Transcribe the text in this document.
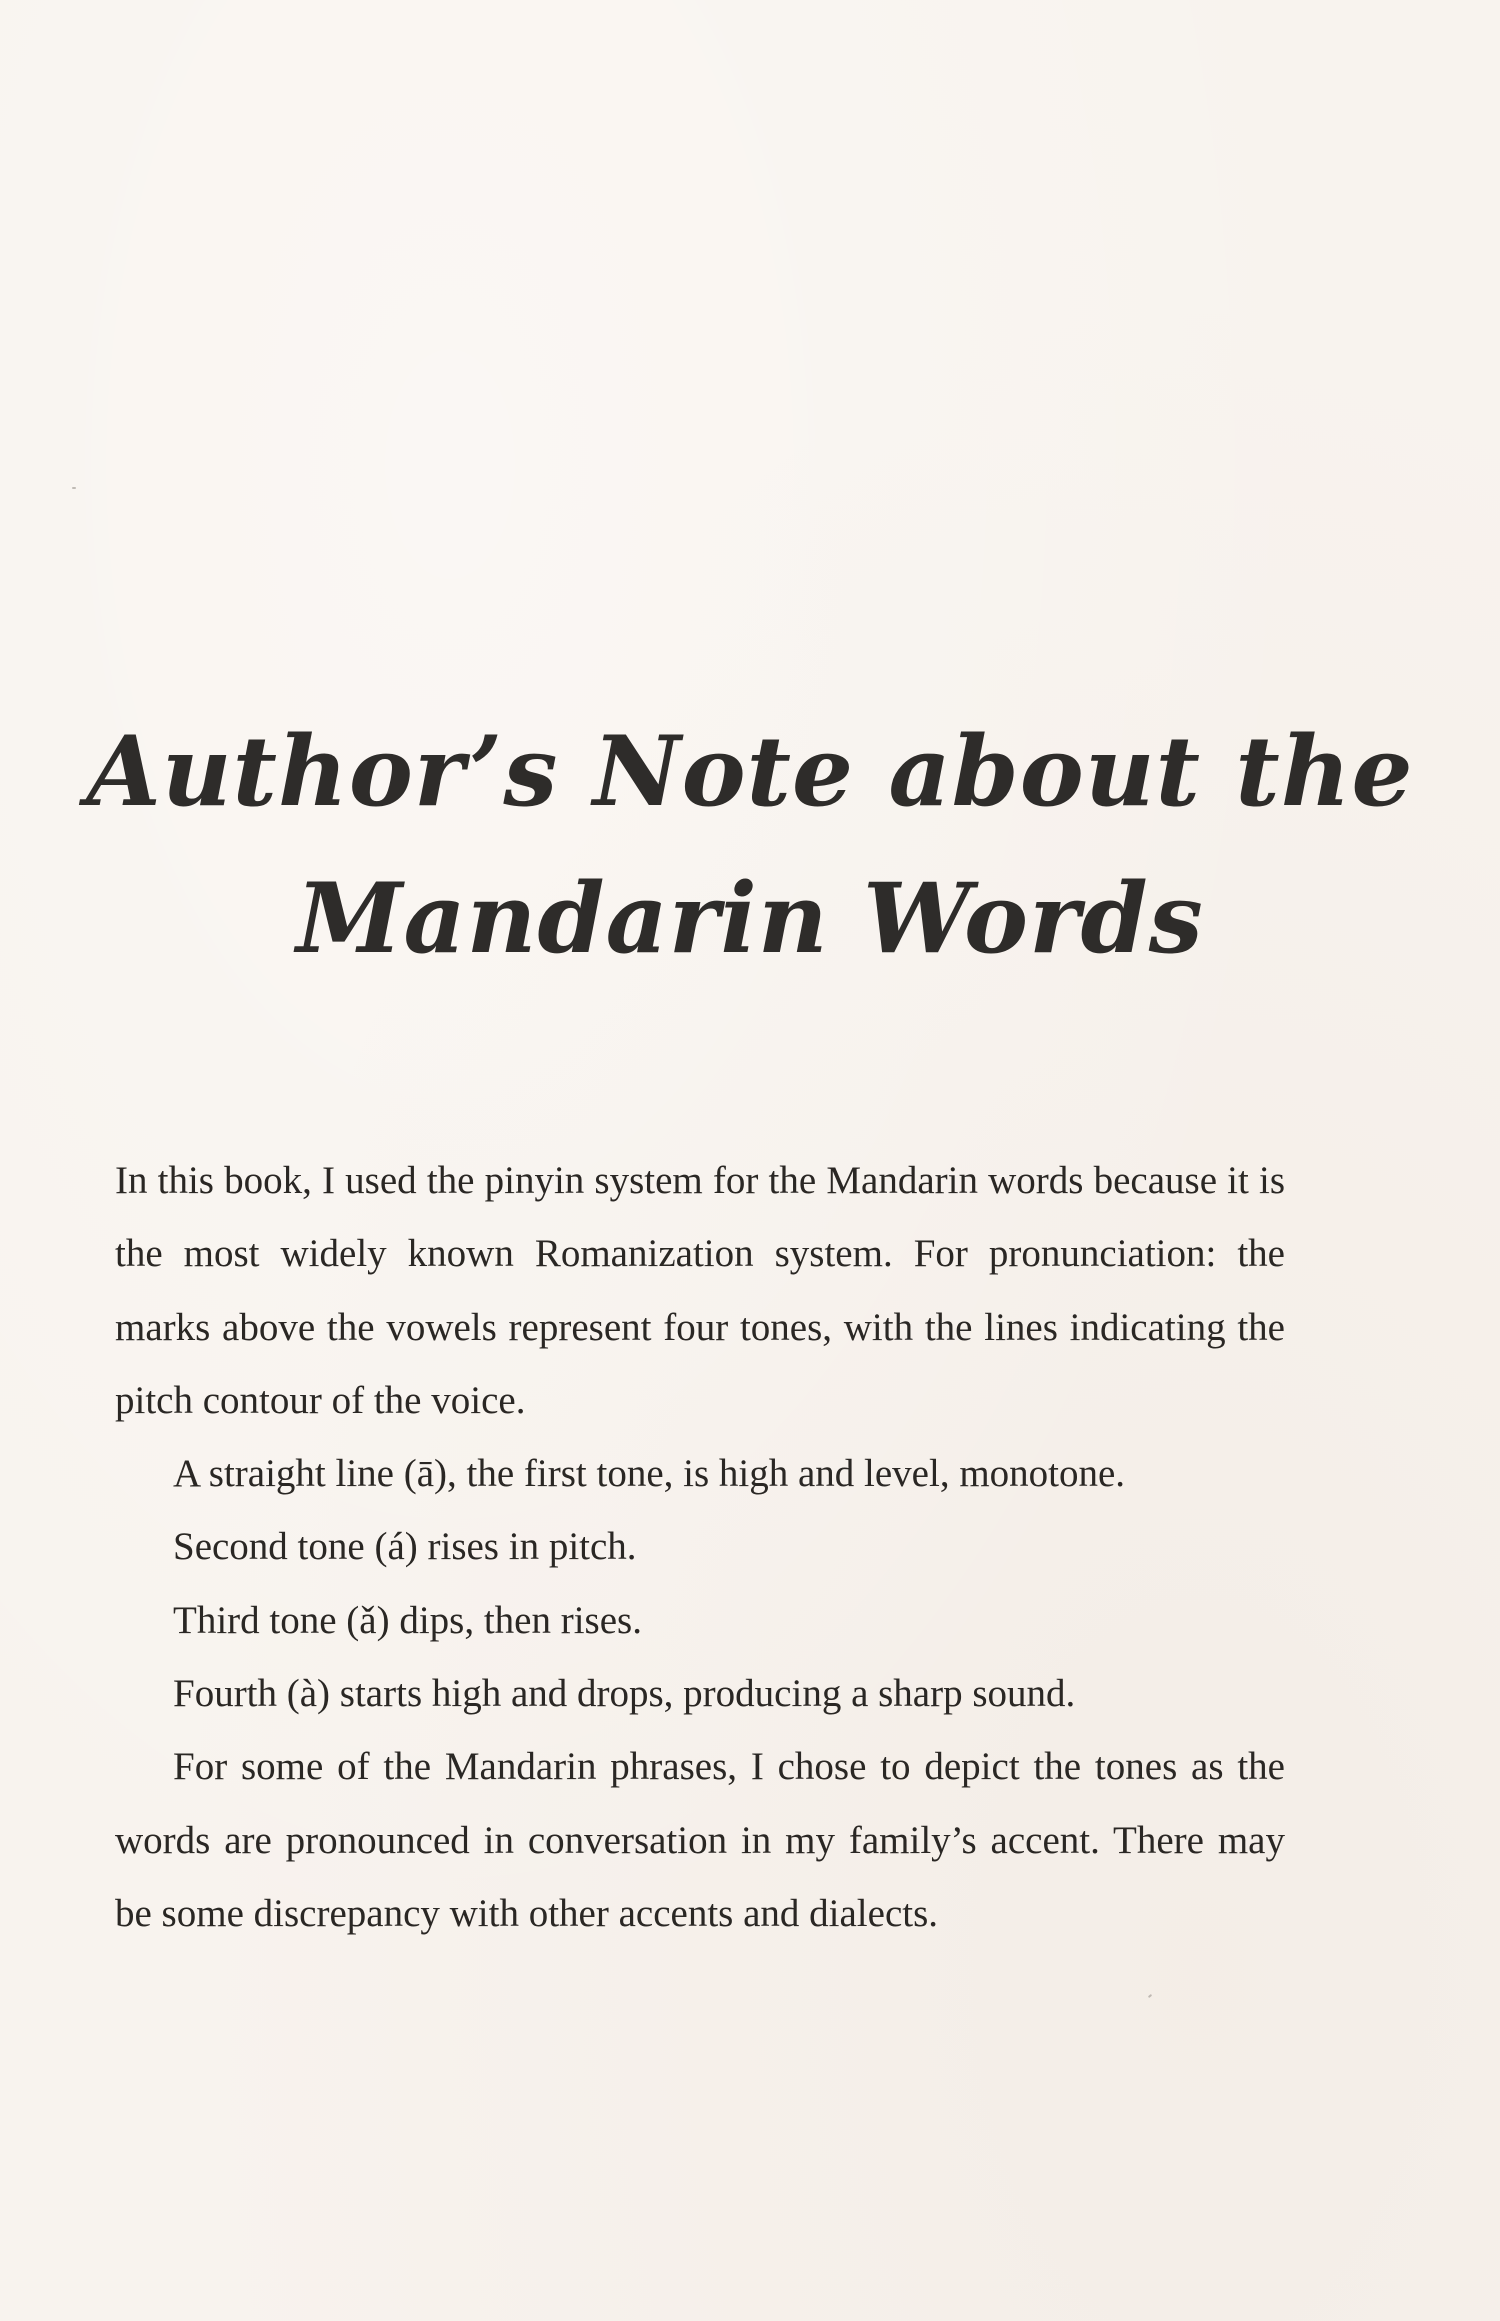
Author’s Note about the
Mandarin Words

In this book, I used the pinyin system for the Mandarin words because it is the most widely known Romanization system. For pronunciation: the marks above the vowels represent four tones, with the lines indicating the pitch contour of the voice.

A straight line (ā), the first tone, is high and level, monotone.

Second tone (á) rises in pitch.

Third tone (ǎ) dips, then rises.

Fourth (à) starts high and drops, producing a sharp sound.

For some of the Mandarin phrases, I chose to depict the tones as the words are pronounced in conversation in my family’s accent. There may be some discrepancy with other accents and dialects.
